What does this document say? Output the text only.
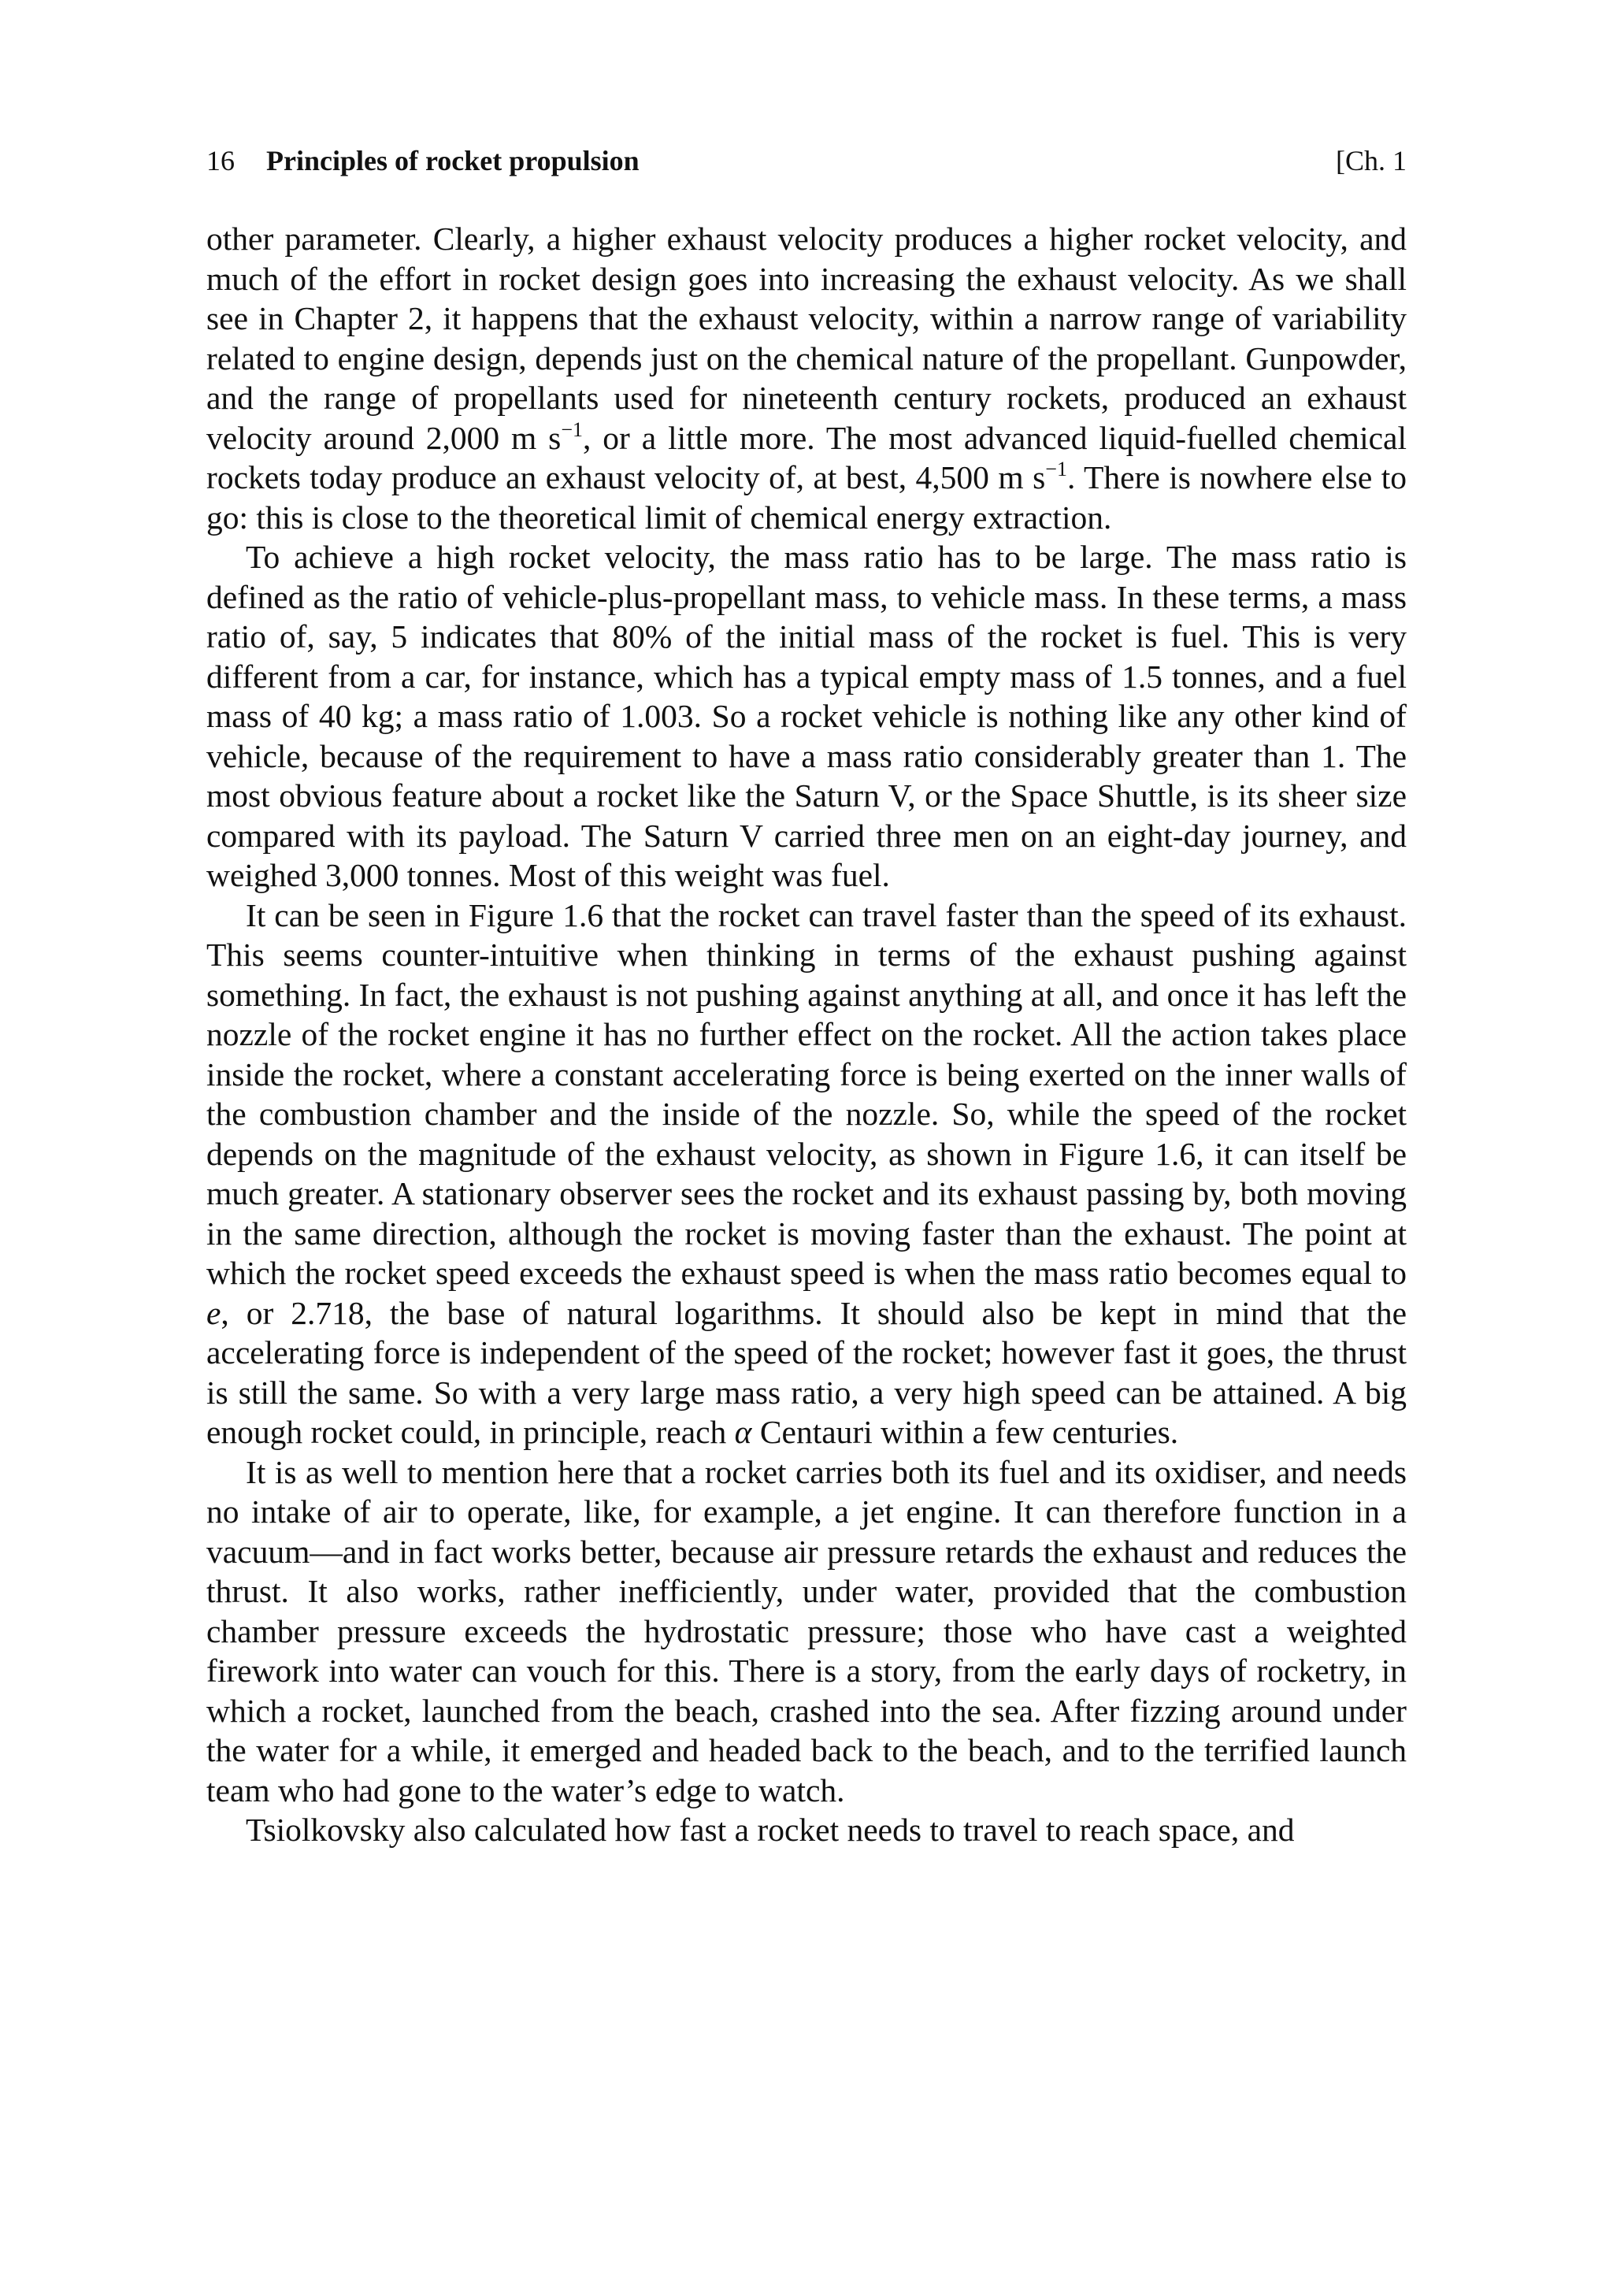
16 Principles of rocket propulsion	[Ch. 1

other parameter. Clearly, a higher exhaust velocity produces a higher rocket velocity, and much of the effort in rocket design goes into increasing the exhaust velocity. As we shall see in Chapter 2, it happens that the exhaust velocity, within a narrow range of variability related to engine design, depends just on the chemical nature of the propellant. Gunpowder, and the range of propellants used for nineteenth century rockets, produced an exhaust velocity around 2,000 m $s^{-1}$, or a little more. The most advanced liquid-fuelled chemical rockets today produce an exhaust velocity of, at best, 4,500 m $s^{-1}$. There is nowhere else to go: this is close to the theoretical limit of chemical energy extraction.

To achieve a high rocket velocity, the mass ratio has to be large. The mass ratio is defined as the ratio of vehicle-plus-propellant mass, to vehicle mass. In these terms, a mass ratio of, say, 5 indicates that 80% of the initial mass of the rocket is fuel. This is very different from a car, for instance, which has a typical empty mass of 1.5 tonnes, and a fuel mass of 40 kg; a mass ratio of 1.003. So a rocket vehicle is nothing like any other kind of vehicle, because of the requirement to have a mass ratio considerably greater than 1. The most obvious feature about a rocket like the Saturn V, or the Space Shuttle, is its sheer size compared with its payload. The Saturn V carried three men on an eight-day journey, and weighed 3,000 tonnes. Most of this weight was fuel.

It can be seen in Figure 1.6 that the rocket can travel faster than the speed of its exhaust. This seems counter-intuitive when thinking in terms of the exhaust pushing against something. In fact, the exhaust is not pushing against anything at all, and once it has left the nozzle of the rocket engine it has no further effect on the rocket. All the action takes place inside the rocket, where a constant accelerating force is being exerted on the inner walls of the combustion chamber and the inside of the nozzle. So, while the speed of the rocket depends on the magnitude of the exhaust velocity, as shown in Figure 1.6, it can itself be much greater. A stationary observer sees the rocket and its exhaust passing by, both moving in the same direction, although the rocket is moving faster than the exhaust. The point at which the rocket speed exceeds the exhaust speed is when the mass ratio becomes equal to e, or 2.718, the base of natural logarithms. It should also be kept in mind that the accelerating force is independent of the speed of the rocket; however fast it goes, the thrust is still the same. So with a very large mass ratio, a very high speed can be attained. A big enough rocket could, in principle, reach α Centauri within a few centuries.

It is as well to mention here that a rocket carries both its fuel and its oxidiser, and needs no intake of air to operate, like, for example, a jet engine. It can therefore function in a vacuum—and in fact works better, because air pressure retards the exhaust and reduces the thrust. It also works, rather inefficiently, under water, provided that the combustion chamber pressure exceeds the hydrostatic pressure; those who have cast a weighted firework into water can vouch for this. There is a story, from the early days of rocketry, in which a rocket, launched from the beach, crashed into the sea. After fizzing around under the water for a while, it emerged and headed back to the beach, and to the terrified launch team who had gone to the water’s edge to watch.

Tsiolkovsky also calculated how fast a rocket needs to travel to reach space, and
